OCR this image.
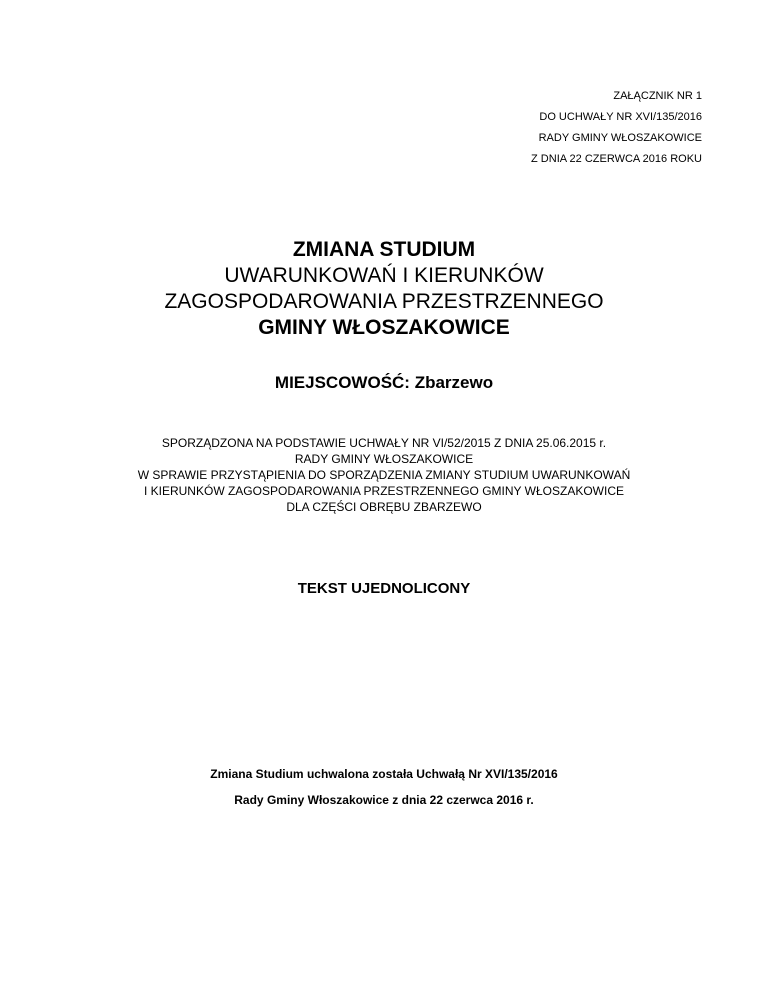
ZAŁĄCZNIK NR 1
DO UCHWAŁY NR XVI/135/2016
RADY GMINY WŁOSZAKOWICE
Z DNIA 22 CZERWCA 2016 ROKU
ZMIANA STUDIUM
UWARUNKOWAŃ I KIERUNKÓW
ZAGOSPODAROWANIA PRZESTRZENNEGO
GMINY WŁOSZAKOWICE
MIEJSCOWOŚĆ: Zbarzewo
SPORZĄDZONA NA PODSTAWIE UCHWAŁY NR VI/52/2015 Z DNIA 25.06.2015 r.
RADY GMINY WŁOSZAKOWICE
W SPRAWIE PRZYSTĄPIENIA DO SPORZĄDZENIA ZMIANY STUDIUM UWARUNKOWAŃ
I KIERUNKÓW ZAGOSPODAROWANIA PRZESTRZENNEGO GMINY WŁOSZAKOWICE
DLA CZĘŚCI OBRĘBU ZBARZEWO
TEKST UJEDNOLICONY
Zmiana Studium uchwalona została Uchwałą Nr XVI/135/2016
Rady Gminy Włoszakowice z dnia 22 czerwca 2016 r.
